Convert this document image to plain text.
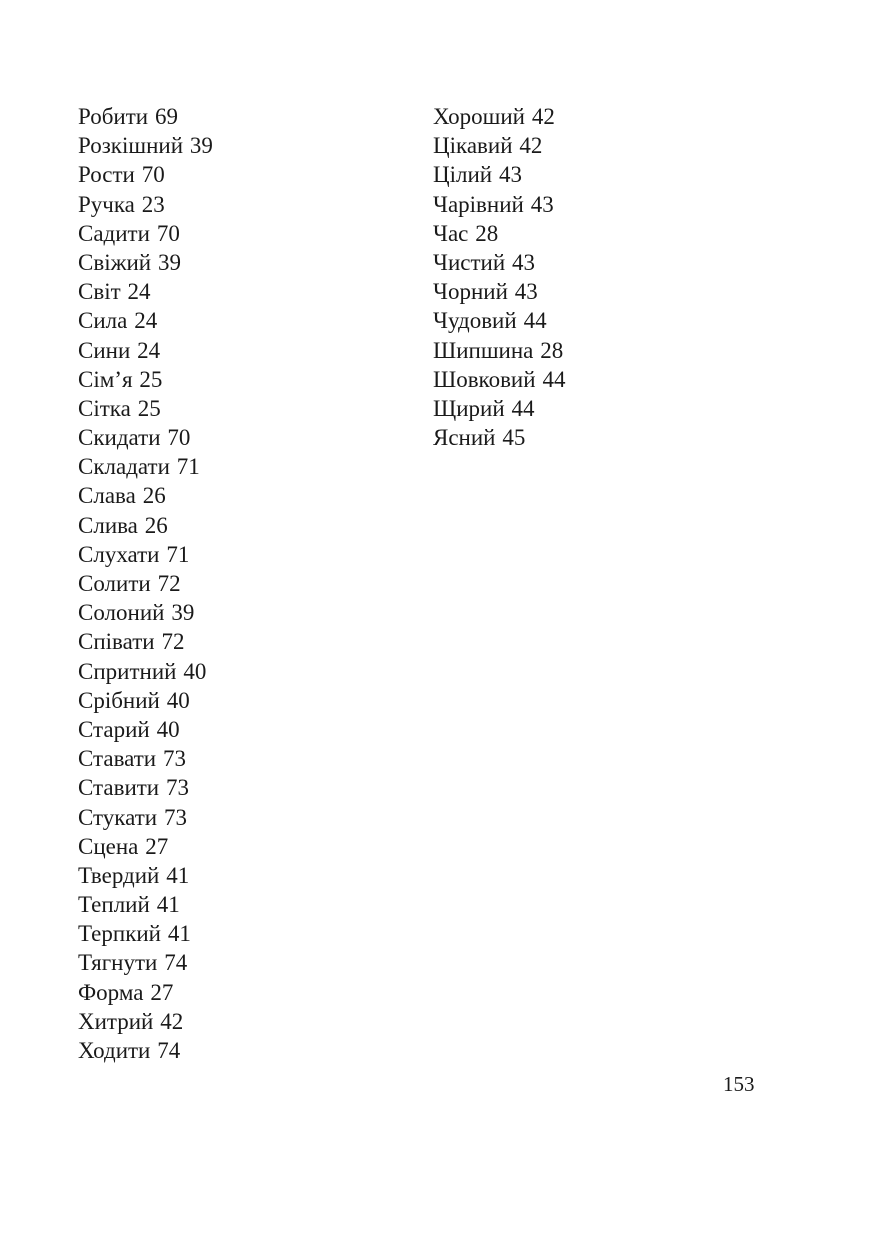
Робити 69
Розкішний 39
Рости 70
Ручка 23
Садити 70
Свіжий 39
Світ 24
Сила 24
Сини 24
Сім’я 25
Сітка 25
Скидати 70
Складати 71
Слава 26
Слива 26
Слухати 71
Солити 72
Солоний 39
Співати 72
Спритний 40
Срібний 40
Старий 40
Ставати 73
Ставити 73
Стукати 73
Сцена 27
Твердий 41
Теплий 41
Терпкий 41
Тягнути 74
Форма 27
Хитрий 42
Ходити 74
Хороший 42
Цікавий 42
Цілий 43
Чарівний 43
Час 28
Чистий 43
Чорний 43
Чудовий 44
Шипшина 28
Шовковий 44
Щирий 44
Ясний 45
153
